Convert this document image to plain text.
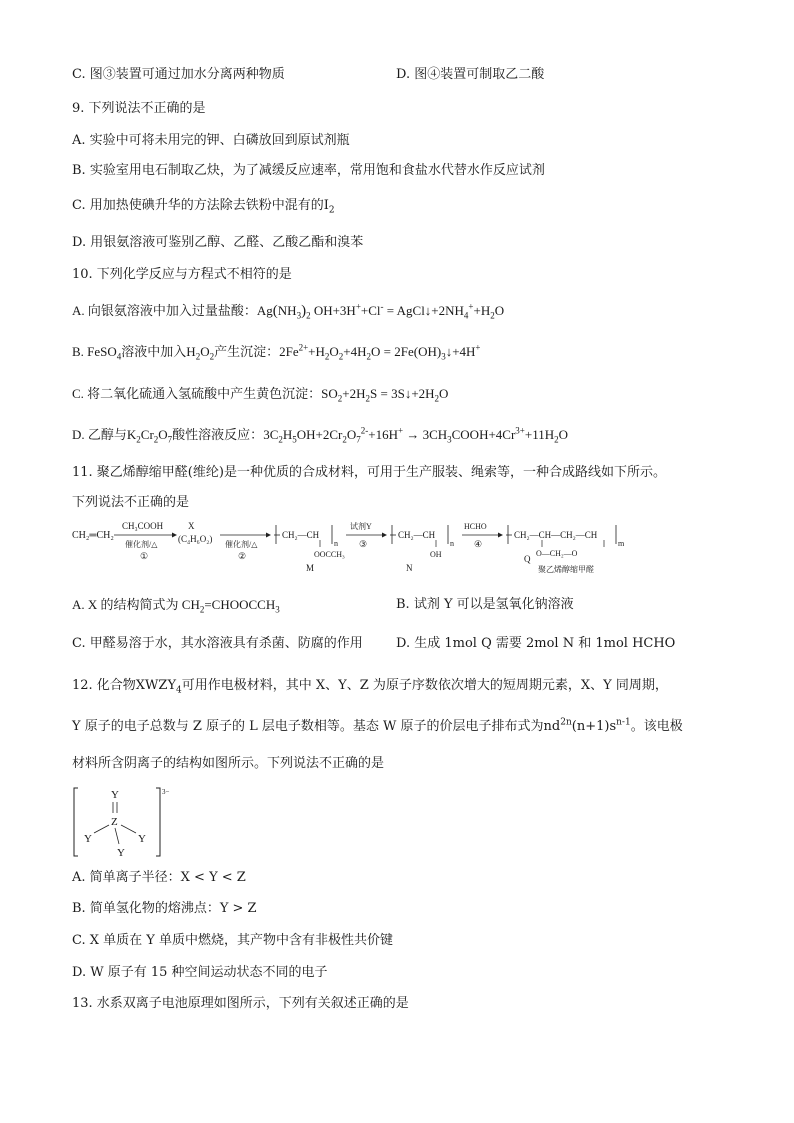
C. 图③装置可通过加水分离两种物质	D. 图④装置可制取乙二酸
9. 下列说法不正确的是
A. 实验中可将未用完的钾、白磷放回到原试剂瓶
B. 实验室用电石制取乙炔，为了减缓反应速率，常用饱和食盐水代替水作反应试剂
C. 用加热使碘升华的方法除去铁粉中混有的$I_2$
D. 用银氨溶液可鉴别乙醇、乙醛、乙酸乙酯和溴苯
10. 下列化学反应与方程式不相符的是
A. 向银氨溶液中加入过量盐酸：$Ag(NH_3)_2$ $OH+3H^++Cl^- = AgCl↓+2NH_4^++H_2O$
B. FeSO$_4$溶液中加入$H_2O_2$产生沉淀：$2Fe^{2+}+H_2O_2+4H_2O$ = $2Fe(OH)_3↓+4H^+$
C. 将二氧化硫通入氢硫酸中产生黄色沉淀：$SO_2+2H_2S$ = $3S↓+2H_2O$
D. 乙醇与$K_2Cr_2O_7$酸性溶液反应：$3C_2H_5OH+2Cr_2O_7^{2-}+16H^+$ → $3CH_3COOH+4Cr^{3+}+11H_2O$
11. 聚乙烯醇缩甲醛(维纶)是一种优质的合成材料，可用于生产服装、绳索等，一种合成路线如下所示。
下列说法不正确的是
CH₂═CH₂
CH₃COOH
催化剂/△
①
X
(C₄H₆O₂)
催化剂/△
②
CH₂—CH
n
OOCCH₃
M
试剂Y
③
CH₂—CH
n
OH
N
HCHO
④
CH₂—CH—CH₂—CH
m
O—CH₂—O
Q
聚乙烯醇缩甲醛
A. X 的结构简式为 $CH_2=CHOOCCH_3$	B. 试剂 Y 可以是氢氧化钠溶液
C. 甲醛易溶于水，其水溶液具有杀菌、防腐的作用	D. 生成 1mol Q 需要 2mol N 和 1mol HCHO
12. 化合物$XWZY_4$可用作电极材料，其中 X、Y、Z 为原子序数依次增大的短周期元素，X、Y 同周期，
Y 原子的电子总数与 Z 原子的 L 层电子数相等。基态 W 原子的价层电子排布式为$nd^{2n}(n+1)s^{n-1}$。该电极
材料所含阴离子的结构如图所示。下列说法不正确的是
3−
Y
Z
Y	Y
Y
A. 简单离子半径：X < Y < Z
B. 简单氢化物的熔沸点：Y > Z
C. X 单质在 Y 单质中燃烧，其产物中含有非极性共价键
D. W 原子有 15 种空间运动状态不同的电子
13. 水系双离子电池原理如图所示，下列有关叙述正确的是
